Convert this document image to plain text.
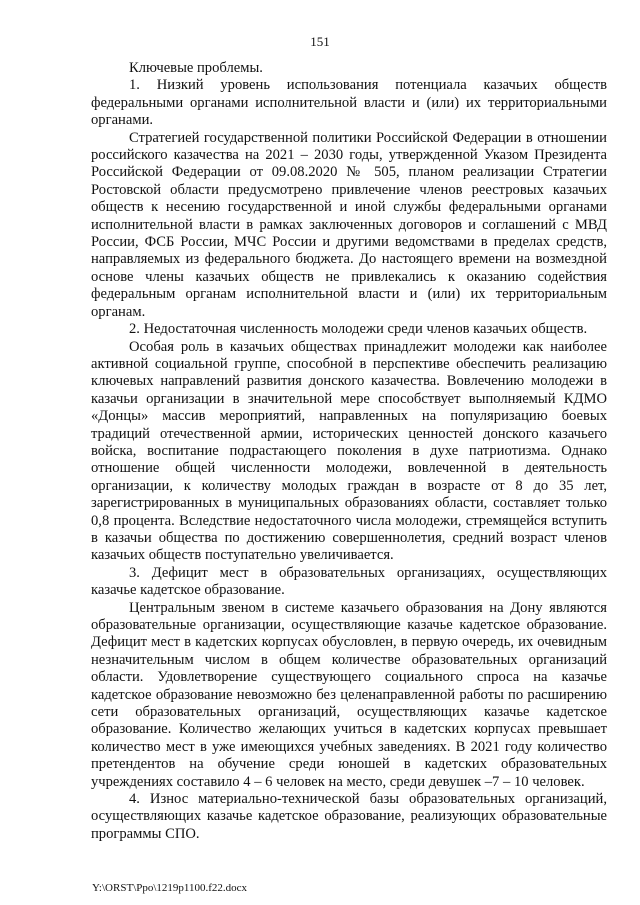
151

Ключевые проблемы.

1. Низкий уровень использования потенциала казачьих обществ федеральными органами исполнительной власти и (или) их территориальными органами.

Стратегией государственной политики Российской Федерации в отношении российского казачества на 2021 – 2030 годы, утвержденной Указом Президента Российской Федерации от 09.08.2020 № 505, планом реализации Стратегии Ростовской области предусмотрено привлечение членов реестровых казачьих обществ к несению государственной и иной службы федеральными органами исполнительной власти в рамках заключенных договоров и соглашений с МВД России, ФСБ России, МЧС России и другими ведомствами в пределах средств, направляемых из федерального бюджета. До настоящего времени на возмездной основе члены казачьих обществ не привлекались к оказанию содействия федеральным органам исполнительной власти и (или) их территориальным органам.

2. Недостаточная численность молодежи среди членов казачьих обществ.

Особая роль в казачьих обществах принадлежит молодежи как наиболее активной социальной группе, способной в перспективе обеспечить реализацию ключевых направлений развития донского казачества. Вовлечению молодежи в казачьи организации в значительной мере способствует выполняемый КДМО «Донцы» массив мероприятий, направленных на популяризацию боевых традиций отечественной армии, исторических ценностей донского казачьего войска, воспитание подрастающего поколения в духе патриотизма. Однако отношение общей численности молодежи, вовлеченной в деятельность организации, к количеству молодых граждан в возрасте от 8 до 35 лет, зарегистрированных в муниципальных образованиях области, составляет только 0,8 процента. Вследствие недостаточного числа молодежи, стремящейся вступить в казачьи общества по достижению совершеннолетия, средний возраст членов казачьих обществ поступательно увеличивается.

3. Дефицит мест в образовательных организациях, осуществляющих казачье кадетское образование.

Центральным звеном в системе казачьего образования на Дону являются образовательные организации, осуществляющие казачье кадетское образование. Дефицит мест в кадетских корпусах обусловлен, в первую очередь, их очевидным незначительным числом в общем количестве образовательных организаций области. Удовлетворение существующего социального спроса на казачье кадетское образование невозможно без целенаправленной работы по расширению сети образовательных организаций, осуществляющих казачье кадетское образование. Количество желающих учиться в кадетских корпусах превышает количество мест в уже имеющихся учебных заведениях. В 2021 году количество претендентов на обучение среди юношей в кадетских образовательных учреждениях составило 4 – 6 человек на место, среди девушек –7 – 10 человек.

4. Износ материально-технической базы образовательных организаций, осуществляющих казачье кадетское образование, реализующих образовательные программы СПО.

Y:\ORST\Ppo\1219p1100.f22.docx
